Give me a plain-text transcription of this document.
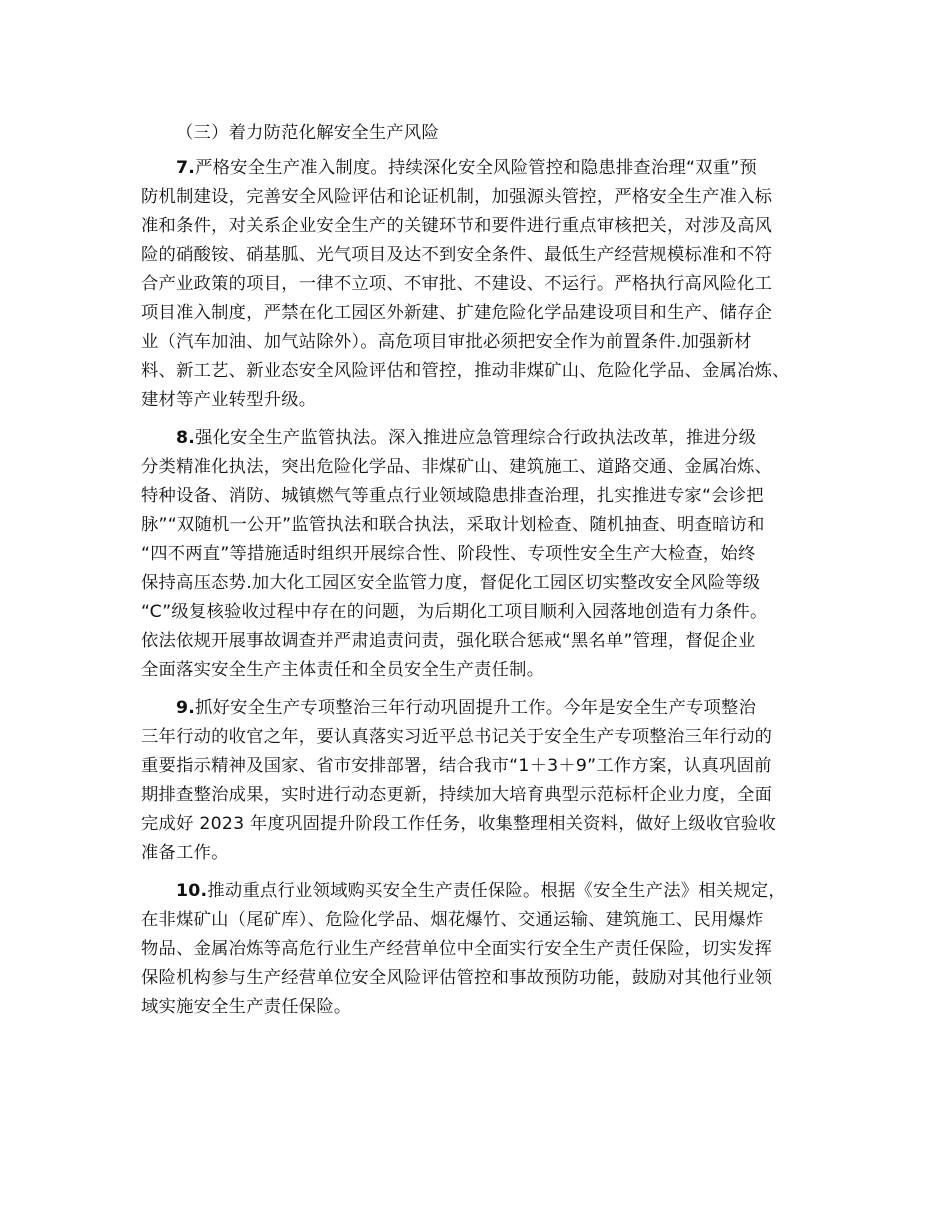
（三）着力防范化解安全生产风险
7.严格安全生产准入制度。持续深化安全风险管控和隐患排查治理“双重”预
防机制建设，完善安全风险评估和论证机制，加强源头管控，严格安全生产准入标
准和条件，对关系企业安全生产的关键环节和要件进行重点审核把关，对涉及高风
险的硝酸铵、硝基胍、光气项目及达不到安全条件、最低生产经营规模标准和不符
合产业政策的项目，一律不立项、不审批、不建设、不运行。严格执行高风险化工
项目准入制度，严禁在化工园区外新建、扩建危险化学品建设项目和生产、储存企
业（汽车加油、加气站除外）。高危项目审批必须把安全作为前置条件.加强新材
料、新工艺、新业态安全风险评估和管控，推动非煤矿山、危险化学品、金属冶炼、
建材等产业转型升级。
8.强化安全生产监管执法。深入推进应急管理综合行政执法改革，推进分级
分类精准化执法，突出危险化学品、非煤矿山、建筑施工、道路交通、金属冶炼、
特种设备、消防、城镇燃气等重点行业领域隐患排查治理，扎实推进专家“会诊把
脉”“双随机一公开”监管执法和联合执法，采取计划检查、随机抽查、明查暗访和
“四不两直”等措施适时组织开展综合性、阶段性、专项性安全生产大检查，始终
保持高压态势.加大化工园区安全监管力度，督促化工园区切实整改安全风险等级
“C”级复核验收过程中存在的问题，为后期化工项目顺利入园落地创造有力条件。
依法依规开展事故调查并严肃追责问责，强化联合惩戒“黑名单”管理，督促企业
全面落实安全生产主体责任和全员安全生产责任制。
9.抓好安全生产专项整治三年行动巩固提升工作。今年是安全生产专项整治
三年行动的收官之年，要认真落实习近平总书记关于安全生产专项整治三年行动的
重要指示精神及国家、省市安排部署，结合我市“1＋3＋9”工作方案，认真巩固前
期排查整治成果，实时进行动态更新，持续加大培育典型示范标杆企业力度，全面
完成好 2023 年度巩固提升阶段工作任务，收集整理相关资料，做好上级收官验收
准备工作。
10.推动重点行业领域购买安全生产责任保险。根据《安全生产法》相关规定，
在非煤矿山（尾矿库）、危险化学品、烟花爆竹、交通运输、建筑施工、民用爆炸
物品、金属冶炼等高危行业生产经营单位中全面实行安全生产责任保险，切实发挥
保险机构参与生产经营单位安全风险评估管控和事故预防功能，鼓励对其他行业领
域实施安全生产责任保险。
